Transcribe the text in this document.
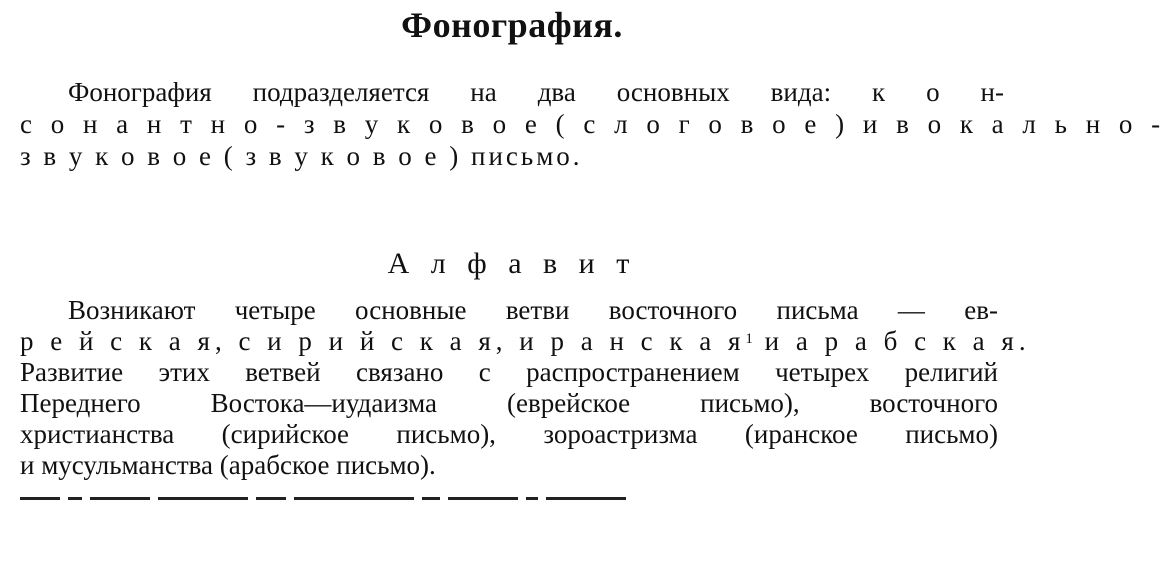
Фонография.
Фонография подразделяется на два основных вида: к о н-
с о н а н т н о - з в у к о в о е ( с л о г о в о е ) и в о к а л ь н о -
з в у к о в о е ( з в у к о в о е ) письмо.
А л ф а в и т
Возникают четыре основные ветви восточного письма — ев-
р е й с к а я, с и р и й с к а я, и р а н с к а я$^1$ и а р а б с к а я.
Развитие этих ветвей связано с распространением четырех религий
Переднего Востока—иудаизма (еврейское письмо), восточного
христианства (сирийское письмо), зороастризма (иранское письмо)
и мусульманства (арабское письмо).
